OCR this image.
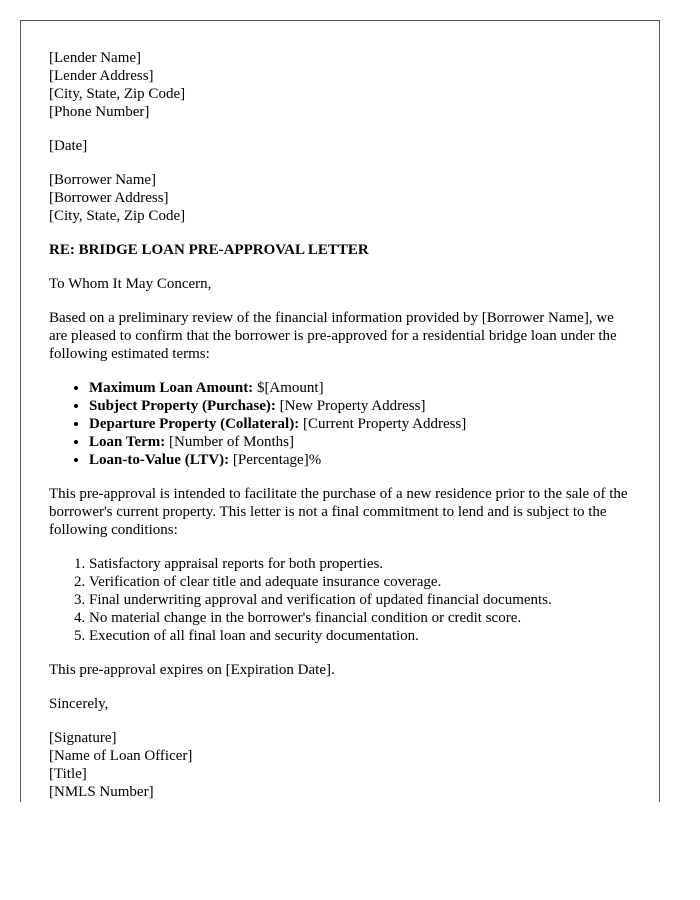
[Lender Name]
[Lender Address]
[City, State, Zip Code]
[Phone Number]
[Date]
[Borrower Name]
[Borrower Address]
[City, State, Zip Code]
RE: BRIDGE LOAN PRE-APPROVAL LETTER

To Whom It May Concern,

Based on a preliminary review of the financial information provided by [Borrower Name], we are pleased to confirm that the borrower is pre-approved for a residential bridge loan under the following estimated terms:

• Maximum Loan Amount: $[Amount]
• Subject Property (Purchase): [New Property Address]
• Departure Property (Collateral): [Current Property Address]
• Loan Term: [Number of Months]
• Loan-to-Value (LTV): [Percentage]%

This pre-approval is intended to facilitate the purchase of a new residence prior to the sale of the borrower's current property. This letter is not a final commitment to lend and is subject to the following conditions:

1. Satisfactory appraisal reports for both properties.
2. Verification of clear title and adequate insurance coverage.
3. Final underwriting approval and verification of updated financial documents.
4. No material change in the borrower's financial condition or credit score.
5. Execution of all final loan and security documentation.

This pre-approval expires on [Expiration Date].

Sincerely,

[Signature]
[Name of Loan Officer]
[Title]
[NMLS Number]
